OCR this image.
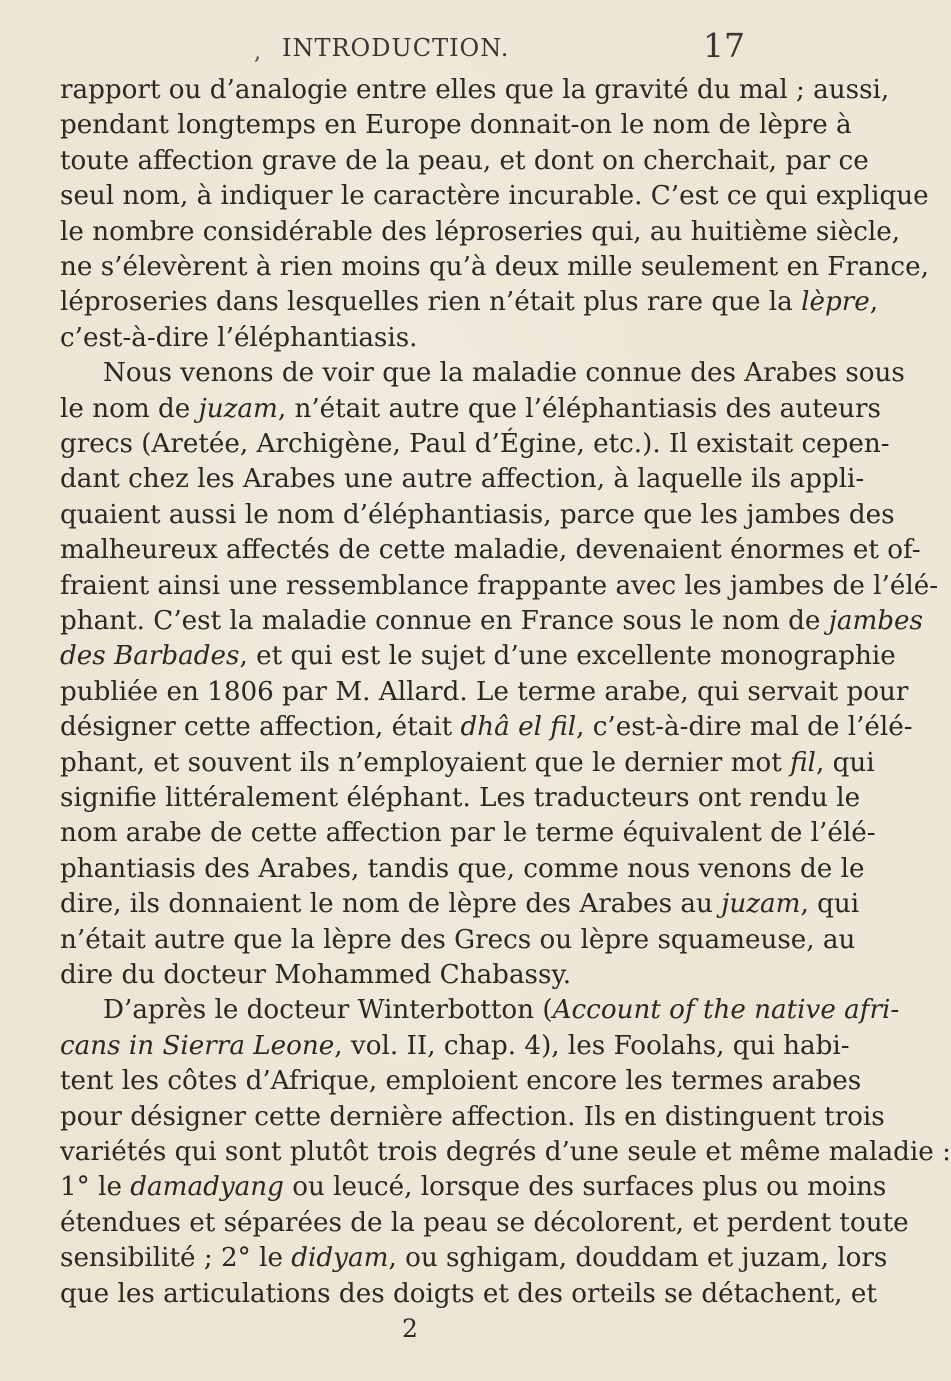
, INTRODUCTION.	17
rapport ou d’analogie entre elles que la gravité du mal ; aussi,
pendant longtemps en Europe donnait-on le nom de lèpre à
toute affection grave de la peau, et dont on cherchait, par ce
seul nom, à indiquer le caractère incurable. C’est ce qui explique
le nombre considérable des léproseries qui, au huitième siècle,
ne s’élevèrent à rien moins qu’à deux mille seulement en France,
léproseries dans lesquelles rien n’était plus rare que la lèpre,
c’est-à-dire l’éléphantiasis.
Nous venons de voir que la maladie connue des Arabes sous
le nom de juzam, n’était autre que l’éléphantiasis des auteurs
grecs (Aretée, Archigène, Paul d’Égine, etc.). Il existait cepen-
dant chez les Arabes une autre affection, à laquelle ils appli-
quaient aussi le nom d’éléphantiasis, parce que les jambes des
malheureux affectés de cette maladie, devenaient énormes et of-
fraient ainsi une ressemblance frappante avec les jambes de l’élé-
phant. C’est la maladie connue en France sous le nom de jambes
des Barbades, et qui est le sujet d’une excellente monographie
publiée en 1806 par M. Allard. Le terme arabe, qui servait pour
désigner cette affection, était dhâ el fil, c’est-à-dire mal de l’élé-
phant, et souvent ils n’employaient que le dernier mot fil, qui
signifie littéralement éléphant. Les traducteurs ont rendu le
nom arabe de cette affection par le terme équivalent de l’élé-
phantiasis des Arabes, tandis que, comme nous venons de le
dire, ils donnaient le nom de lèpre des Arabes au juzam, qui
n’était autre que la lèpre des Grecs ou lèpre squameuse, au
dire du docteur Mohammed Chabassy.
D’après le docteur Winterbotton (Account of the native afri-
cans in Sierra Leone, vol. II, chap. 4), les Foolahs, qui habi-
tent les côtes d’Afrique, emploient encore les termes arabes
pour désigner cette dernière affection. Ils en distinguent trois
variétés qui sont plutôt trois degrés d’une seule et même maladie :
1° le damadyang ou leucé, lorsque des surfaces plus ou moins
étendues et séparées de la peau se décolorent, et perdent toute
sensibilité ; 2° le didyam, ou sghigam, douddam et juzam, lors
que les articulations des doigts et des orteils se détachent, et
2
